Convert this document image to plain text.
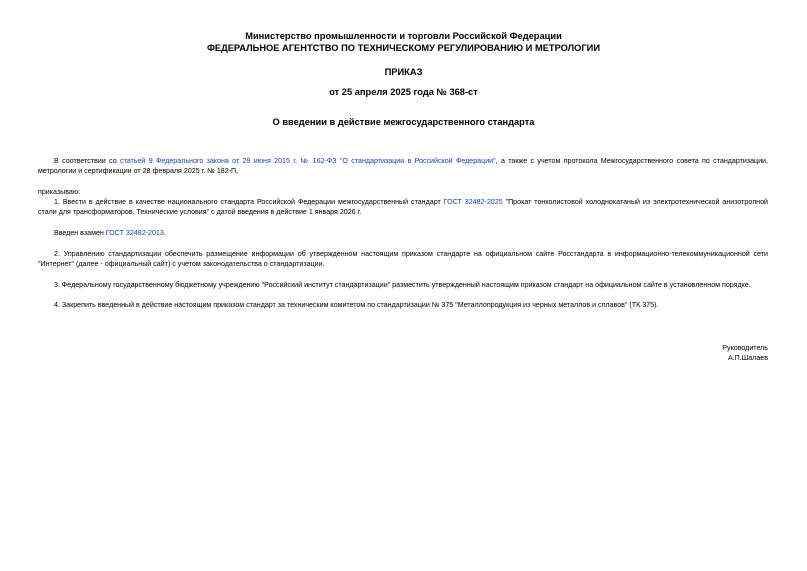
Министерство промышленности и торговли Российской Федерации
ФЕДЕРАЛЬНОЕ АГЕНТСТВО ПО ТЕХНИЧЕСКОМУ РЕГУЛИРОВАНИЮ И МЕТРОЛОГИИ
ПРИКАЗ
от 25 апреля 2025 года № 368-ст
О введении в действие межгосударственного стандарта
В соответствии со статьей 9 Федерального закона от 29 июня 2015 г. № 162-ФЗ "О стандартизации в Российской Федерации", а также с учетом протокола Межгосударственного совета по стандартизации, метрологии и сертификации от 28 февраля 2025 г. № 182-П,
приказываю:
1. Ввести в действие в качестве национального стандарта Российской Федерации межгосударственный стандарт ГОСТ 32482-2025 "Прокат тонколистовой холоднокатаный из электротехнической анизотропной стали для трансформаторов. Технические условия" с датой введения в действие 1 января 2026 г.
Введен взамен ГОСТ 32482-2013.
2. Управлению стандартизации обеспечить размещение информации об утвержденном настоящим приказом стандарте на официальном сайте Росстандарта в информационно-телекоммуникационной сети "Интернет" (далее - официальный сайт) с учетом законодательства о стандартизации.
3. Федеральному государственному бюджетному учреждению "Российский институт стандартизации" разместить утвержденный настоящим приказом стандарт на официальном сайте в установленном порядке.
4. Закрепить введенный в действие настоящим приказом стандарт за техническим комитетом по стандартизации № 375 "Металлопродукция из черных металлов и сплавов" (ТК 375).
Руководитель
А.П.Шалаев
